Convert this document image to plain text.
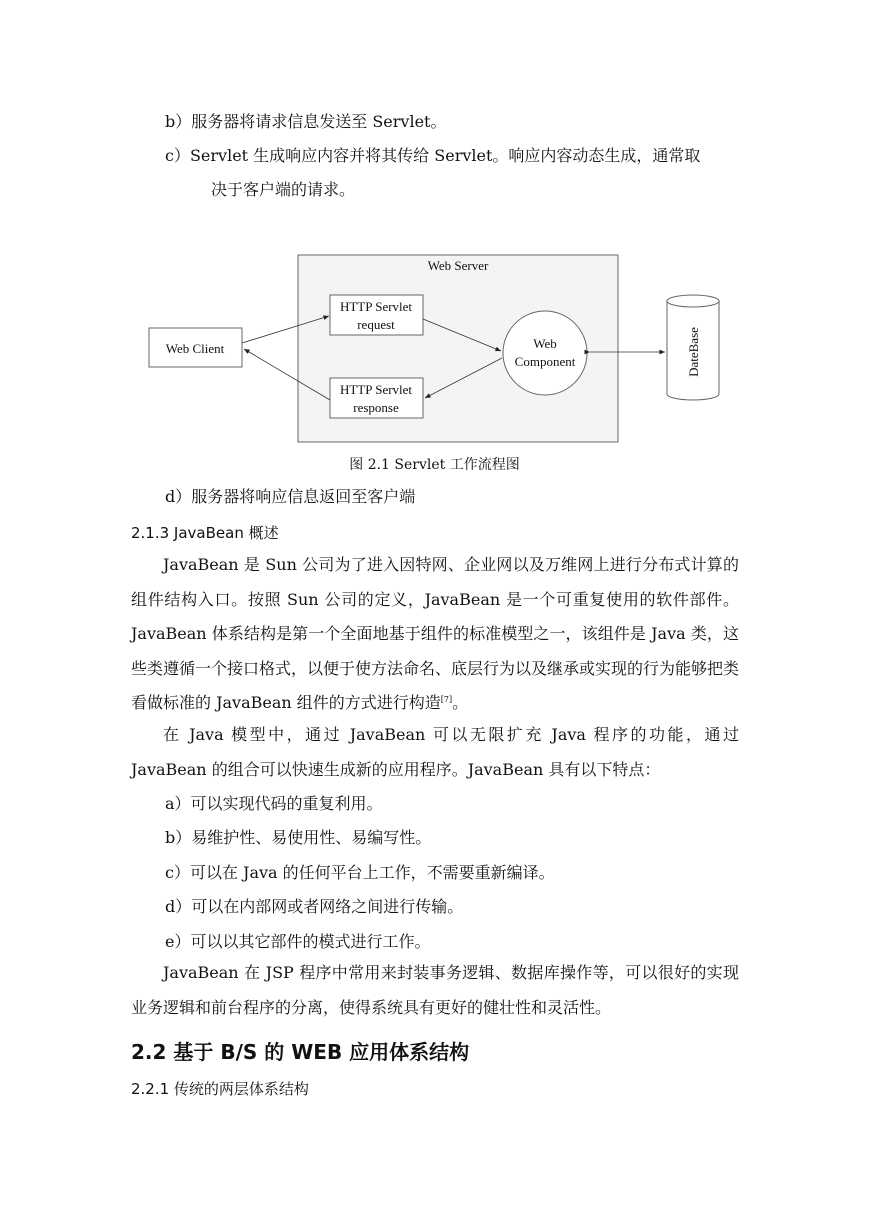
b）服务器将请求信息发送至 Servlet。
c）Servlet 生成响应内容并将其传给 Servlet。响应内容动态生成，通常取
决于客户端的请求。
Web Server
Web Client
HTTP Servlet
request
HTTP Servlet
response
Web
Component	DateBase
图 2.1 Servlet 工作流程图
d）服务器将响应信息返回至客户端
2.1.3 JavaBean 概述
JavaBean 是 Sun 公司为了进入因特网、企业网以及万维网上进行分布式计算的组件结构入口。按照 Sun 公司的定义，JavaBean 是一个可重复使用的软件部件。JavaBean 体系结构是第一个全面地基于组件的标准模型之一，该组件是 Java 类，这些类遵循一个接口格式，以便于使方法命名、底层行为以及继承或实现的行为能够把类看做标准的 JavaBean 组件的方式进行构造[7]。
在 Java 模型中，通过 JavaBean 可以无限扩充 Java 程序的功能，通过 JavaBean 的组合可以快速生成新的应用程序。JavaBean 具有以下特点：
a）可以实现代码的重复利用。
b）易维护性、易使用性、易编写性。
c）可以在 Java 的任何平台上工作，不需要重新编译。
d）可以在内部网或者网络之间进行传输。
e）可以以其它部件的模式进行工作。
JavaBean 在 JSP 程序中常用来封装事务逻辑、数据库操作等，可以很好的实现业务逻辑和前台程序的分离，使得系统具有更好的健壮性和灵活性。
2.2 基于 B/S 的 WEB 应用体系结构
2.2.1 传统的两层体系结构
